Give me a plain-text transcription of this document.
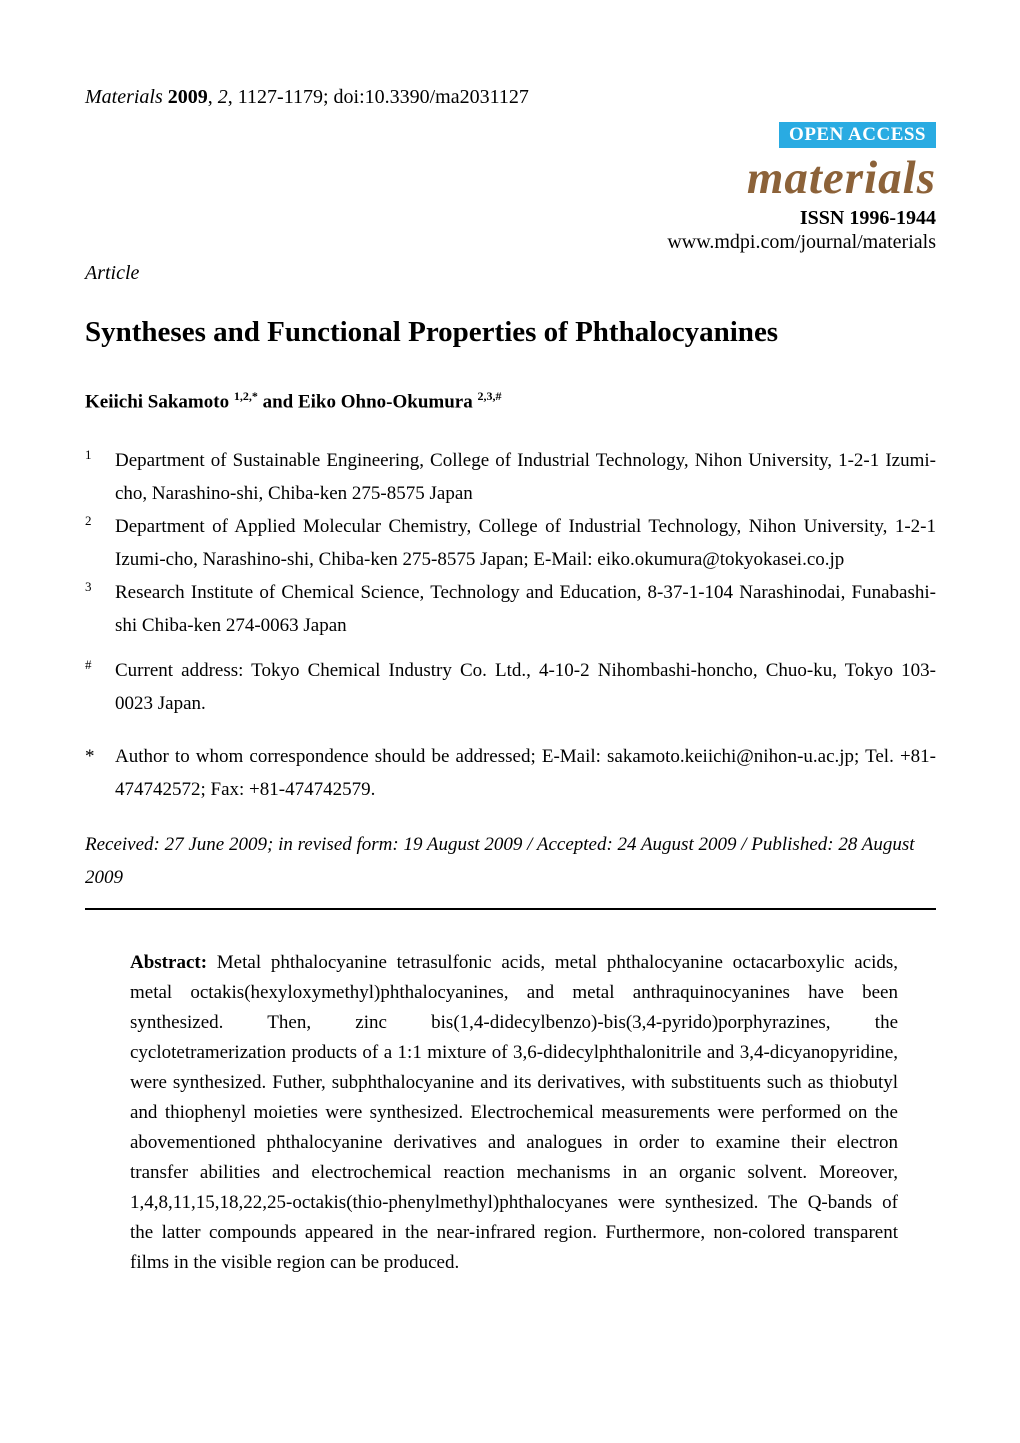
Materials 2009, 2, 1127-1179; doi:10.3390/ma2031127
OPEN ACCESS
materials
ISSN 1996-1944
www.mdpi.com/journal/materials
Article
Syntheses and Functional Properties of Phthalocyanines
Keiichi Sakamoto $^{1,2,*}$ and Eiko Ohno-Okumura $^{2,3,\#}$
1	Department of Sustainable Engineering, College of Industrial Technology, Nihon University, 1-2-1 Izumi-cho, Narashino-shi, Chiba-ken 275-8575 Japan
2	Department of Applied Molecular Chemistry, College of Industrial Technology, Nihon University, 1-2-1 Izumi-cho, Narashino-shi, Chiba-ken 275-8575 Japan; E-Mail: eiko.okumura@tokyokasei.co.jp
3	Research Institute of Chemical Science, Technology and Education, 8-37-1-104 Narashinodai, Funabashi-shi Chiba-ken 274-0063 Japan
#	Current address: Tokyo Chemical Industry Co. Ltd., 4-10-2 Nihombashi-honcho, Chuo-ku, Tokyo 103-0023 Japan.
*	Author to whom correspondence should be addressed; E-Mail: sakamoto.keiichi@nihon-u.ac.jp; Tel. +81-474742572; Fax: +81-474742579.
Received: 27 June 2009; in revised form: 19 August 2009 / Accepted: 24 August 2009 / Published: 28 August 2009
Abstract: Metal phthalocyanine tetrasulfonic acids, metal phthalocyanine octacarboxylic acids, metal octakis(hexyloxymethyl)phthalocyanines, and metal anthraquinocyanines have been synthesized. Then, zinc bis(1,4-didecylbenzo)-bis(3,4-pyrido)porphyrazines, the cyclotetramerization products of a 1:1 mixture of 3,6-didecylphthalonitrile and 3,4-dicyanopyridine, were synthesized. Futher, subphthalocyanine and its derivatives, with substituents such as thiobutyl and thiophenyl moieties were synthesized. Electrochemical measurements were performed on the abovementioned phthalocyanine derivatives and analogues in order to examine their electron transfer abilities and electrochemical reaction mechanisms in an organic solvent. Moreover, 1,4,8,11,15,18,22,25-octakis(thio-phenylmethyl)phthalocyanes were synthesized. The Q-bands of the latter compounds appeared in the near-infrared region. Furthermore, non-colored transparent films in the visible region can be produced.
